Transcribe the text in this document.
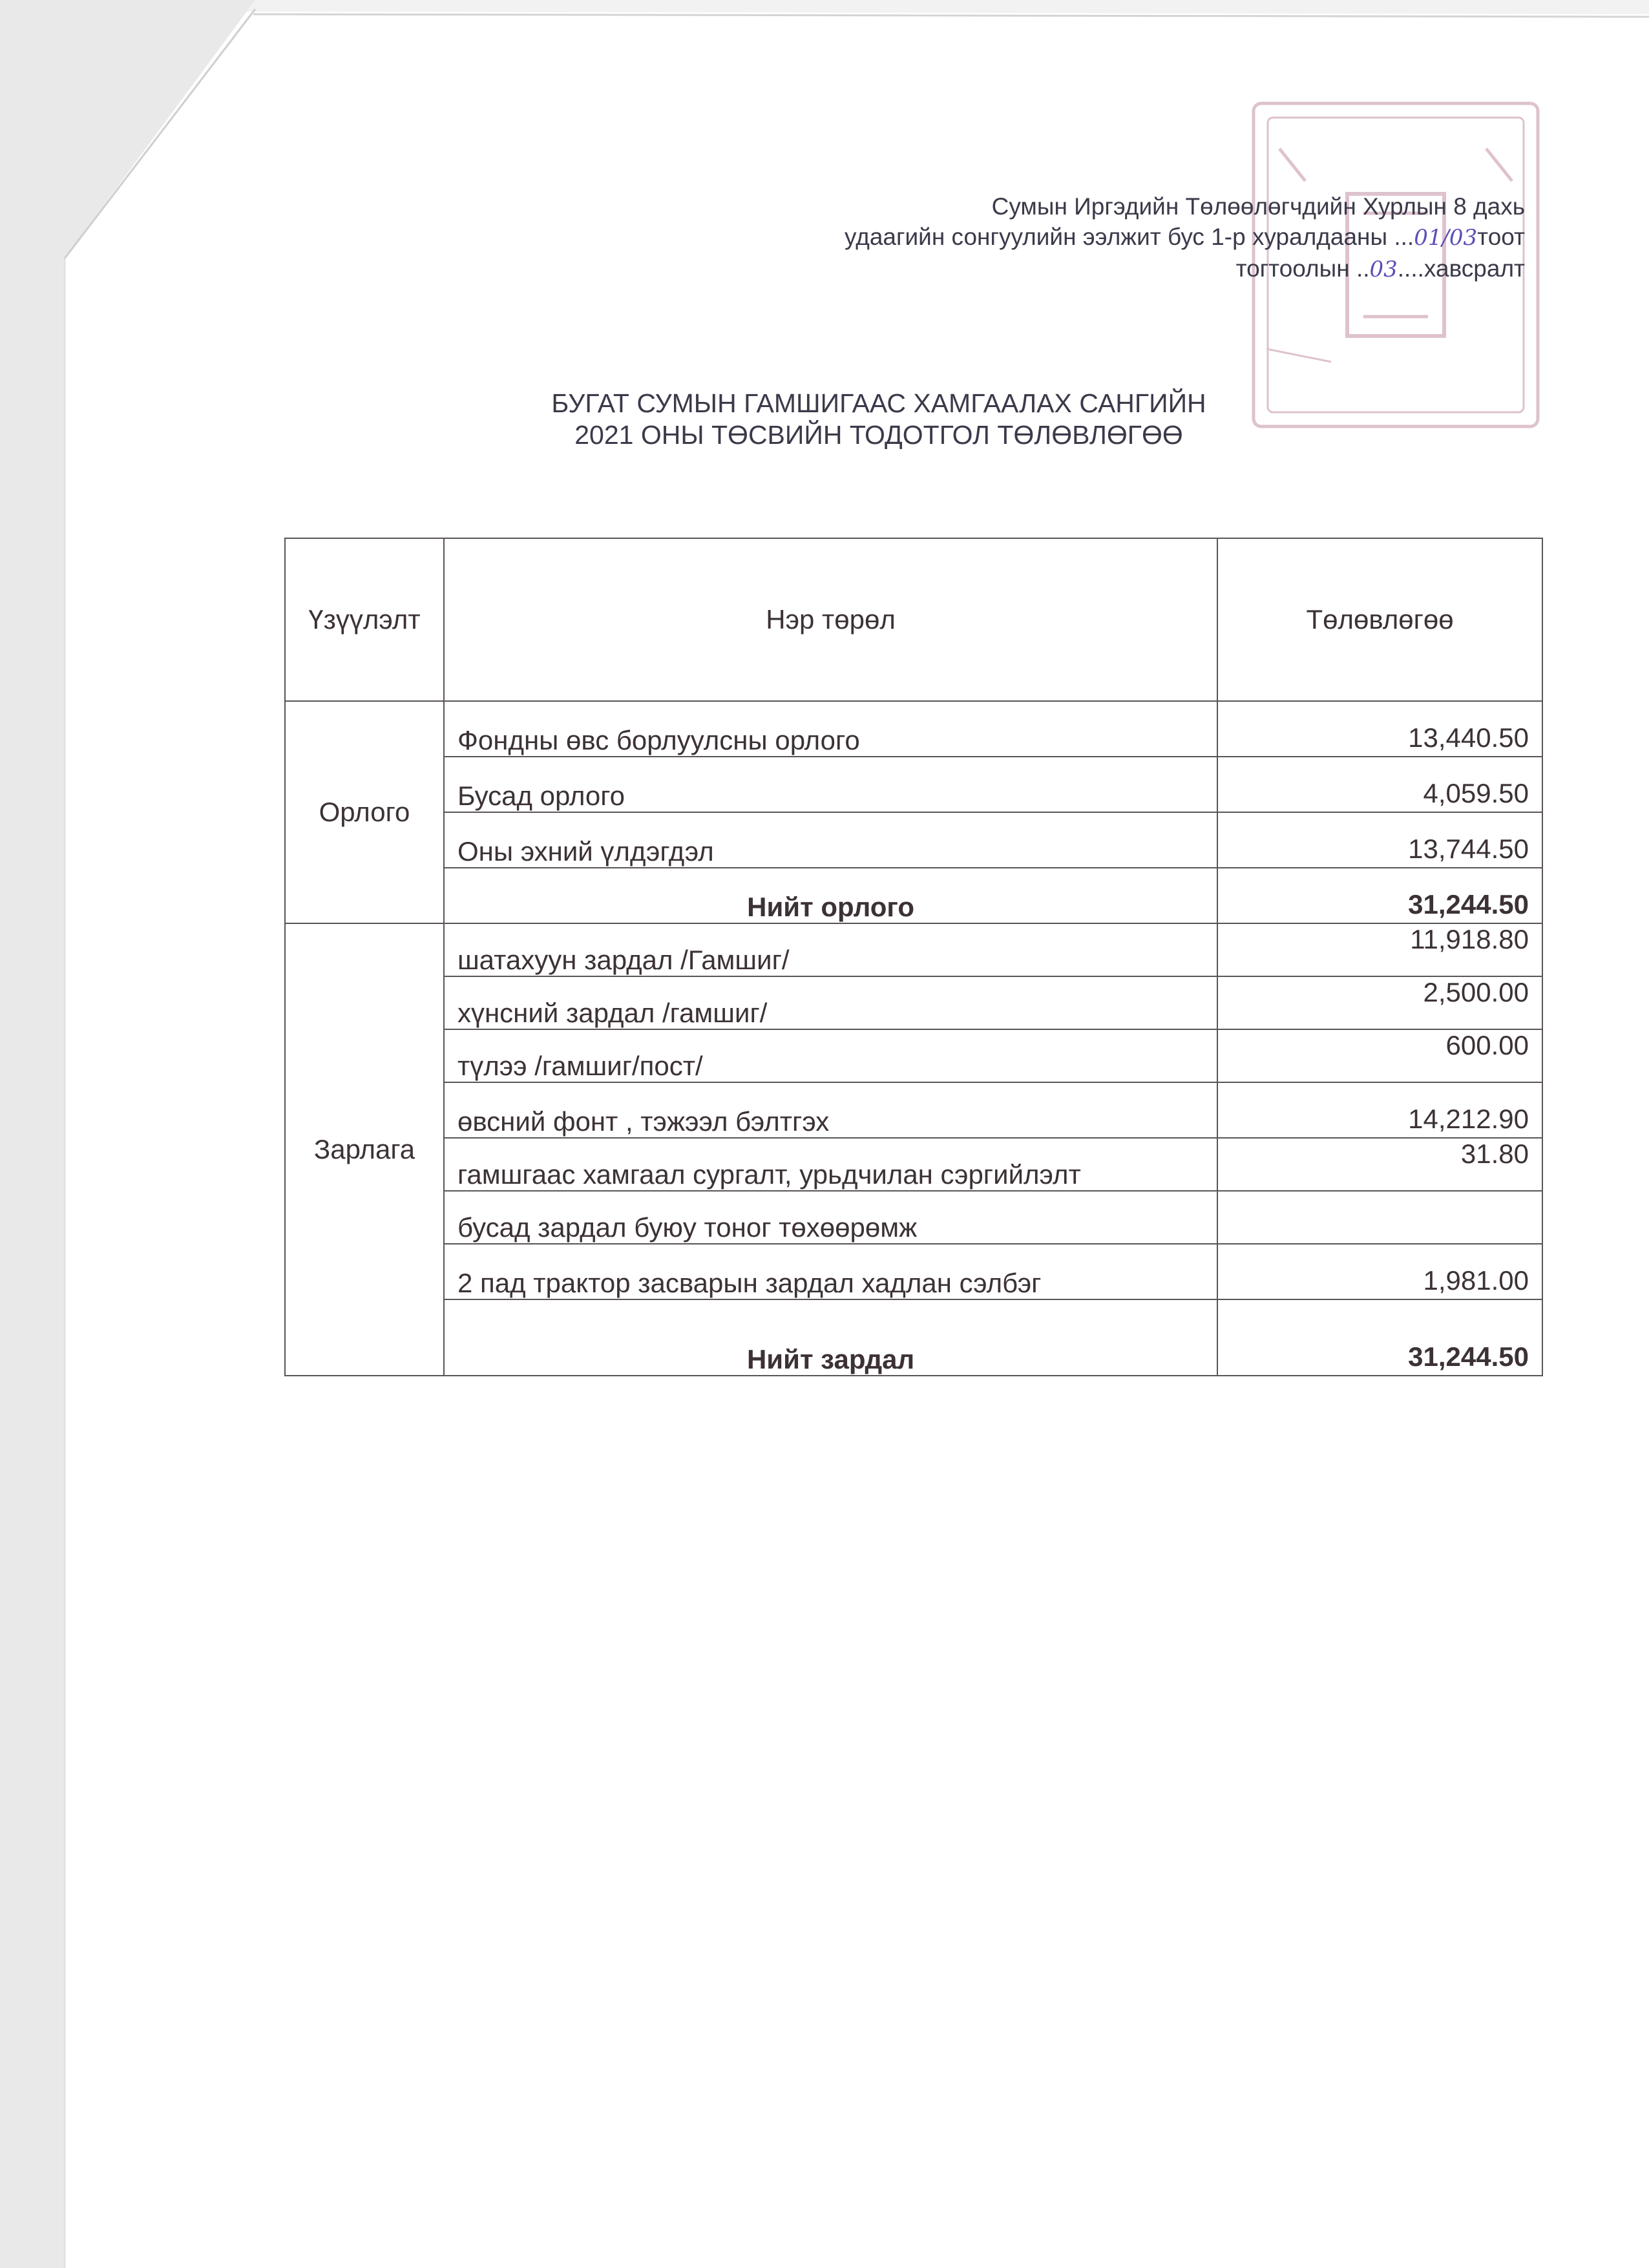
Сумын Иргэдийн Төлөөлөгчдийн Хурлын 8 дахь
удаагийн сонгуулийн ээлжит бус 1-р хуралдааны ...01/03тоот
тогтоолын ..03....хавсралт
БУГАТ СУМЫН ГАМШИГААС ХАМГААЛАХ САНГИЙН
2021 ОНЫ ТӨСВИЙН ТОДОТГОЛ ТӨЛӨВЛӨГӨӨ
Үзүүлэлт	Нэр төрөл	Төлөвлөгөө
Орлого	Фондны өвс борлуулсны орлого	13,440.50
	Бусад орлого	4,059.50
	Оны эхний үлдэгдэл	13,744.50
	Нийт орлого	31,244.50
Зарлага	шатахуун зардал /Гамшиг/	11,918.80
	хүнсний зардал /гамшиг/	2,500.00
	түлээ /гамшиг/пост/	600.00
	өвсний фонт , тэжээл бэлтгэх	14,212.90
	гамшгаас хамгаал сургалт, урьдчилан сэргийлэлт	31.80
	бусад зардал буюу тоног төхөөрөмж	
	2 пад трактор засварын зардал хадлан сэлбэг	1,981.00
	Нийт зардал	31,244.50
